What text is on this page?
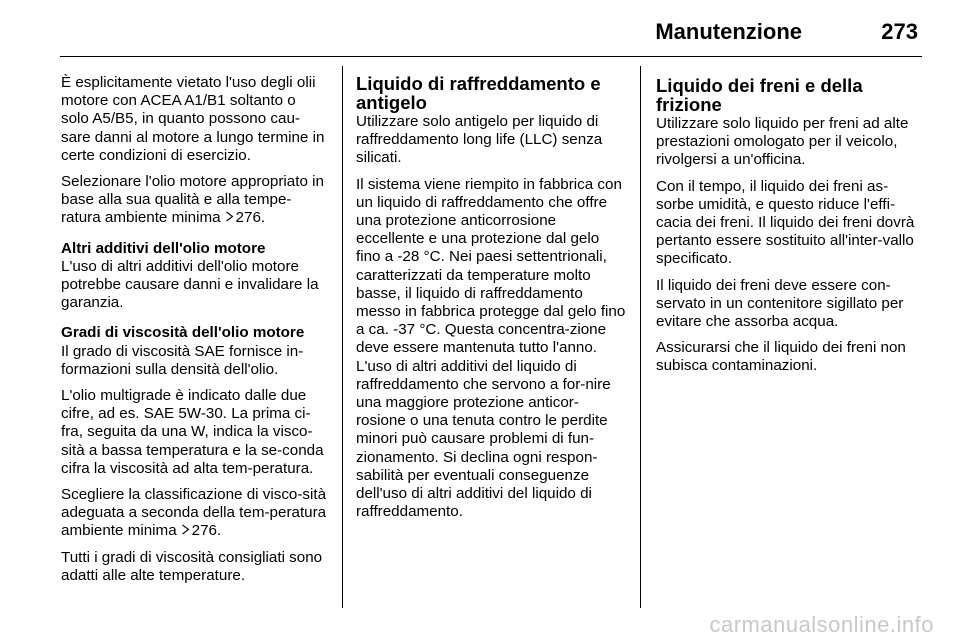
Manutenzione	273

È esplicitamente vietato l'uso degli olii motore con ACEA A1/B1 soltanto o solo A5/B5, in quanto possono cau-sare danni al motore a lungo termine in certe condizioni di esercizio.

Selezionare l'olio motore appropriato in base alla sua qualità e alla tempe-ratura ambiente minima 276.

Altri additivi dell'olio motore

L'uso di altri additivi dell'olio motore potrebbe causare danni e invalidare la garanzia.

Gradi di viscosità dell'olio motore

Il grado di viscosità SAE fornisce in-formazioni sulla densità dell'olio.

L'olio multigrade è indicato dalle due cifre, ad es. SAE 5W-30. La prima ci-fra, seguita da una W, indica la visco-sità a bassa temperatura e la se-conda cifra la viscosità ad alta tem-peratura.

Scegliere la classificazione di visco-sità adeguata a seconda della tem-peratura ambiente minima 276.

Tutti i gradi di viscosità consigliati sono adatti alle alte temperature.

Liquido di raffreddamento e antigelo

Utilizzare solo antigelo per liquido di raffreddamento long life (LLC) senza silicati.

Il sistema viene riempito in fabbrica con un liquido di raffreddamento che offre una protezione anticorrosione eccellente e una protezione dal gelo fino a -28 °C. Nei paesi settentrionali, caratterizzati da temperature molto basse, il liquido di raffreddamento messo in fabbrica protegge dal gelo fino a ca. -37 °C. Questa concentra-zione deve essere mantenuta tutto l'anno. L'uso di altri additivi del liquido di raffreddamento che servono a for-nire una maggiore protezione anticor-rosione o una tenuta contro le perdite minori può causare problemi di fun-zionamento. Si declina ogni respon-sabilità per eventuali conseguenze dell'uso di altri additivi del liquido di raffreddamento.

Liquido dei freni e della frizione

Utilizzare solo liquido per freni ad alte prestazioni omologato per il veicolo, rivolgersi a un'officina.

Con il tempo, il liquido dei freni as-sorbe umidità, e questo riduce l'effi-cacia dei freni. Il liquido dei freni dovrà pertanto essere sostituito all'inter-vallo specificato.

Il liquido dei freni deve essere con-servato in un contenitore sigillato per evitare che assorba acqua.

Assicurarsi che il liquido dei freni non subisca contaminazioni.

carmanualsonline.info
